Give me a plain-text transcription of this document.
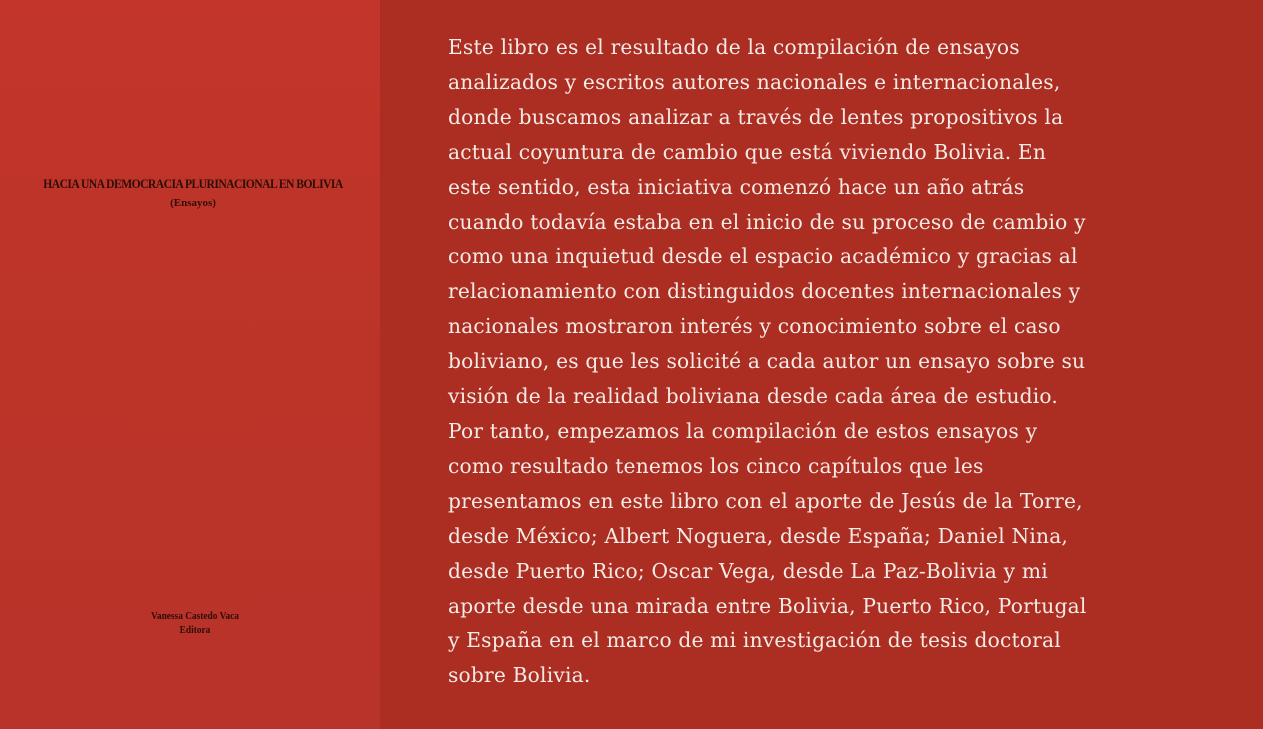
HACIA UNA DEMOCRACIA PLURINACIONAL EN BOLIVIA
(Ensayos)
Vanessa Castedo Vaca
Editora

Este libro es el resultado de la compilación de ensayos
analizados y escritos autores nacionales e internacionales,
donde buscamos analizar a través de lentes propositivos la
actual coyuntura de cambio que está viviendo Bolivia. En
este sentido, esta iniciativa comenzó hace un año atrás
cuando todavía estaba en el inicio de su proceso de cambio y
como una inquietud desde el espacio académico y gracias al
relacionamiento con distinguidos docentes internacionales y
nacionales mostraron interés y conocimiento sobre el caso
boliviano, es que les solicité a cada autor un ensayo sobre su
visión de la realidad boliviana desde cada área de estudio.
Por tanto, empezamos la compilación de estos ensayos y
como resultado tenemos los cinco capítulos que les
presentamos en este libro con el aporte de Jesús de la Torre,
desde México; Albert Noguera, desde España; Daniel Nina,
desde Puerto Rico; Oscar Vega, desde La Paz-Bolivia y mi
aporte desde una mirada entre Bolivia, Puerto Rico, Portugal
y España en el marco de mi investigación de tesis doctoral
sobre Bolivia.
